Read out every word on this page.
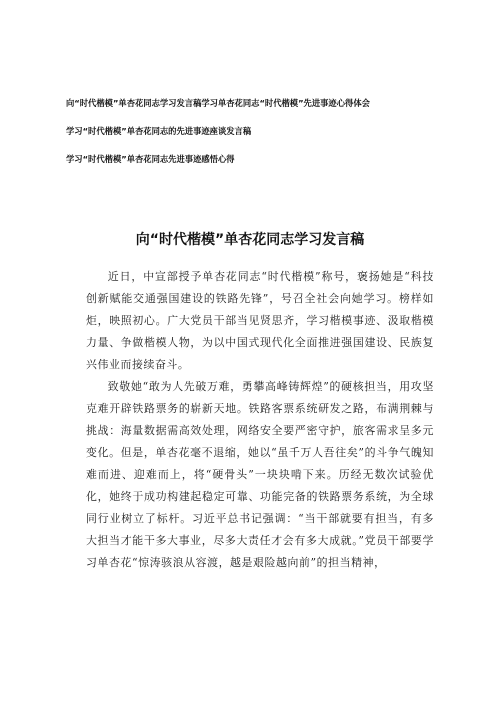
向“时代楷模”单杏花同志学习发言稿学习单杏花同志“时代楷模”先进事迹心得体会
学习“时代楷模”单杏花同志的先进事迹座谈发言稿
学习“时代楷模”单杏花同志先进事迹感悟心得
向“时代楷模”单杏花同志学习发言稿

近日，中宣部授予单杏花同志“时代楷模”称号，褒扬她是“科技创新赋能交通强国建设的铁路先锋”，号召全社会向她学习。榜样如炬，映照初心。广大党员干部当见贤思齐，学习楷模事迹、汲取楷模力量、争做楷模人物，为以中国式现代化全面推进强国建设、民族复兴伟业而接续奋斗。

致敬她“敢为人先破万难，勇攀高峰铸辉煌”的硬核担当，用攻坚克难开辟铁路票务的崭新天地。铁路客票系统研发之路，布满荆棘与挑战：海量数据需高效处理，网络安全要严密守护，旅客需求呈多元变化。但是，单杏花毫不退缩，她以“虽千万人吾往矣”的斗争气魄知难而进、迎难而上，将“硬骨头”一块块啃下来。历经无数次试验优化，她终于成功构建起稳定可靠、功能完备的铁路票务系统，为全球同行业树立了标杆。习近平总书记强调：“当干部就要有担当，有多大担当才能干多大事业，尽多大责任才会有多大成就。”党员干部要学习单杏花“惊涛骇浪从容渡，越是艰险越向前”的担当精神，
